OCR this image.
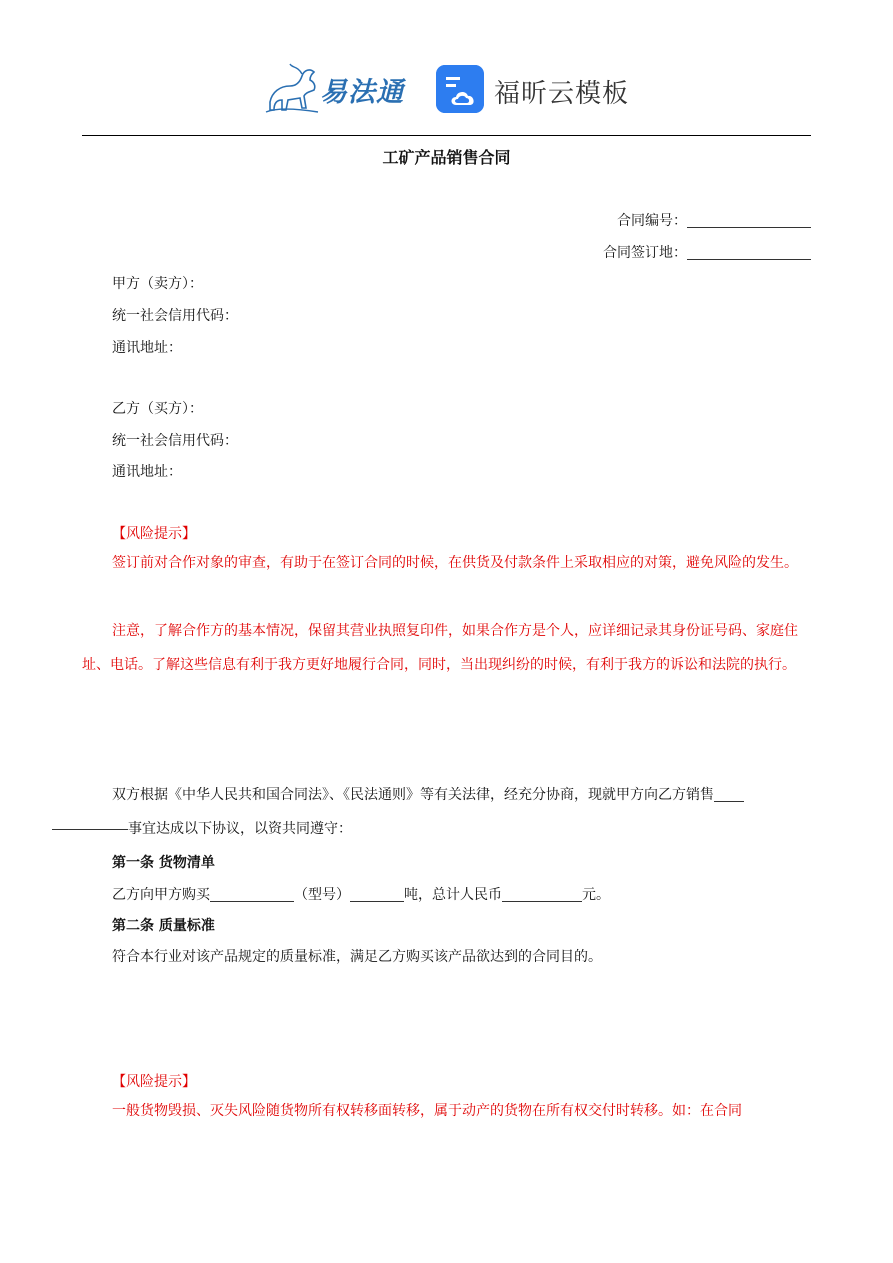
易法通	福昕云模板
工矿产品销售合同
合同编号：
合同签订地：
甲方（卖方）：
统一社会信用代码：
通讯地址：
乙方（买方）：
统一社会信用代码：
通讯地址：
【风险提示】
签订前对合作对象的审查，有助于在签订合同的时候，在供货及付款条件上采取相应的对策，避免风险的发生。
注意，了解合作方的基本情况，保留其营业执照复印件，如果合作方是个人，应详细记录其身份证号码、家庭住址、电话。了解这些信息有利于我方更好地履行合同，同时，当出现纠纷的时候，有利于我方的诉讼和法院的执行。
双方根据《中华人民共和国合同法》、《民法通则》等有关法律，经充分协商，现就甲方向乙方销售
事宜达成以下协议，以资共同遵守：
第一条 货物清单
乙方向甲方购买	（型号）	吨，总计人民币	元。
第二条 质量标准
符合本行业对该产品规定的质量标准，满足乙方购买该产品欲达到的合同目的。
【风险提示】
一般货物毁损、灭失风险随货物所有权转移面转移，属于动产的货物在所有权交付时转移。如：在合同
